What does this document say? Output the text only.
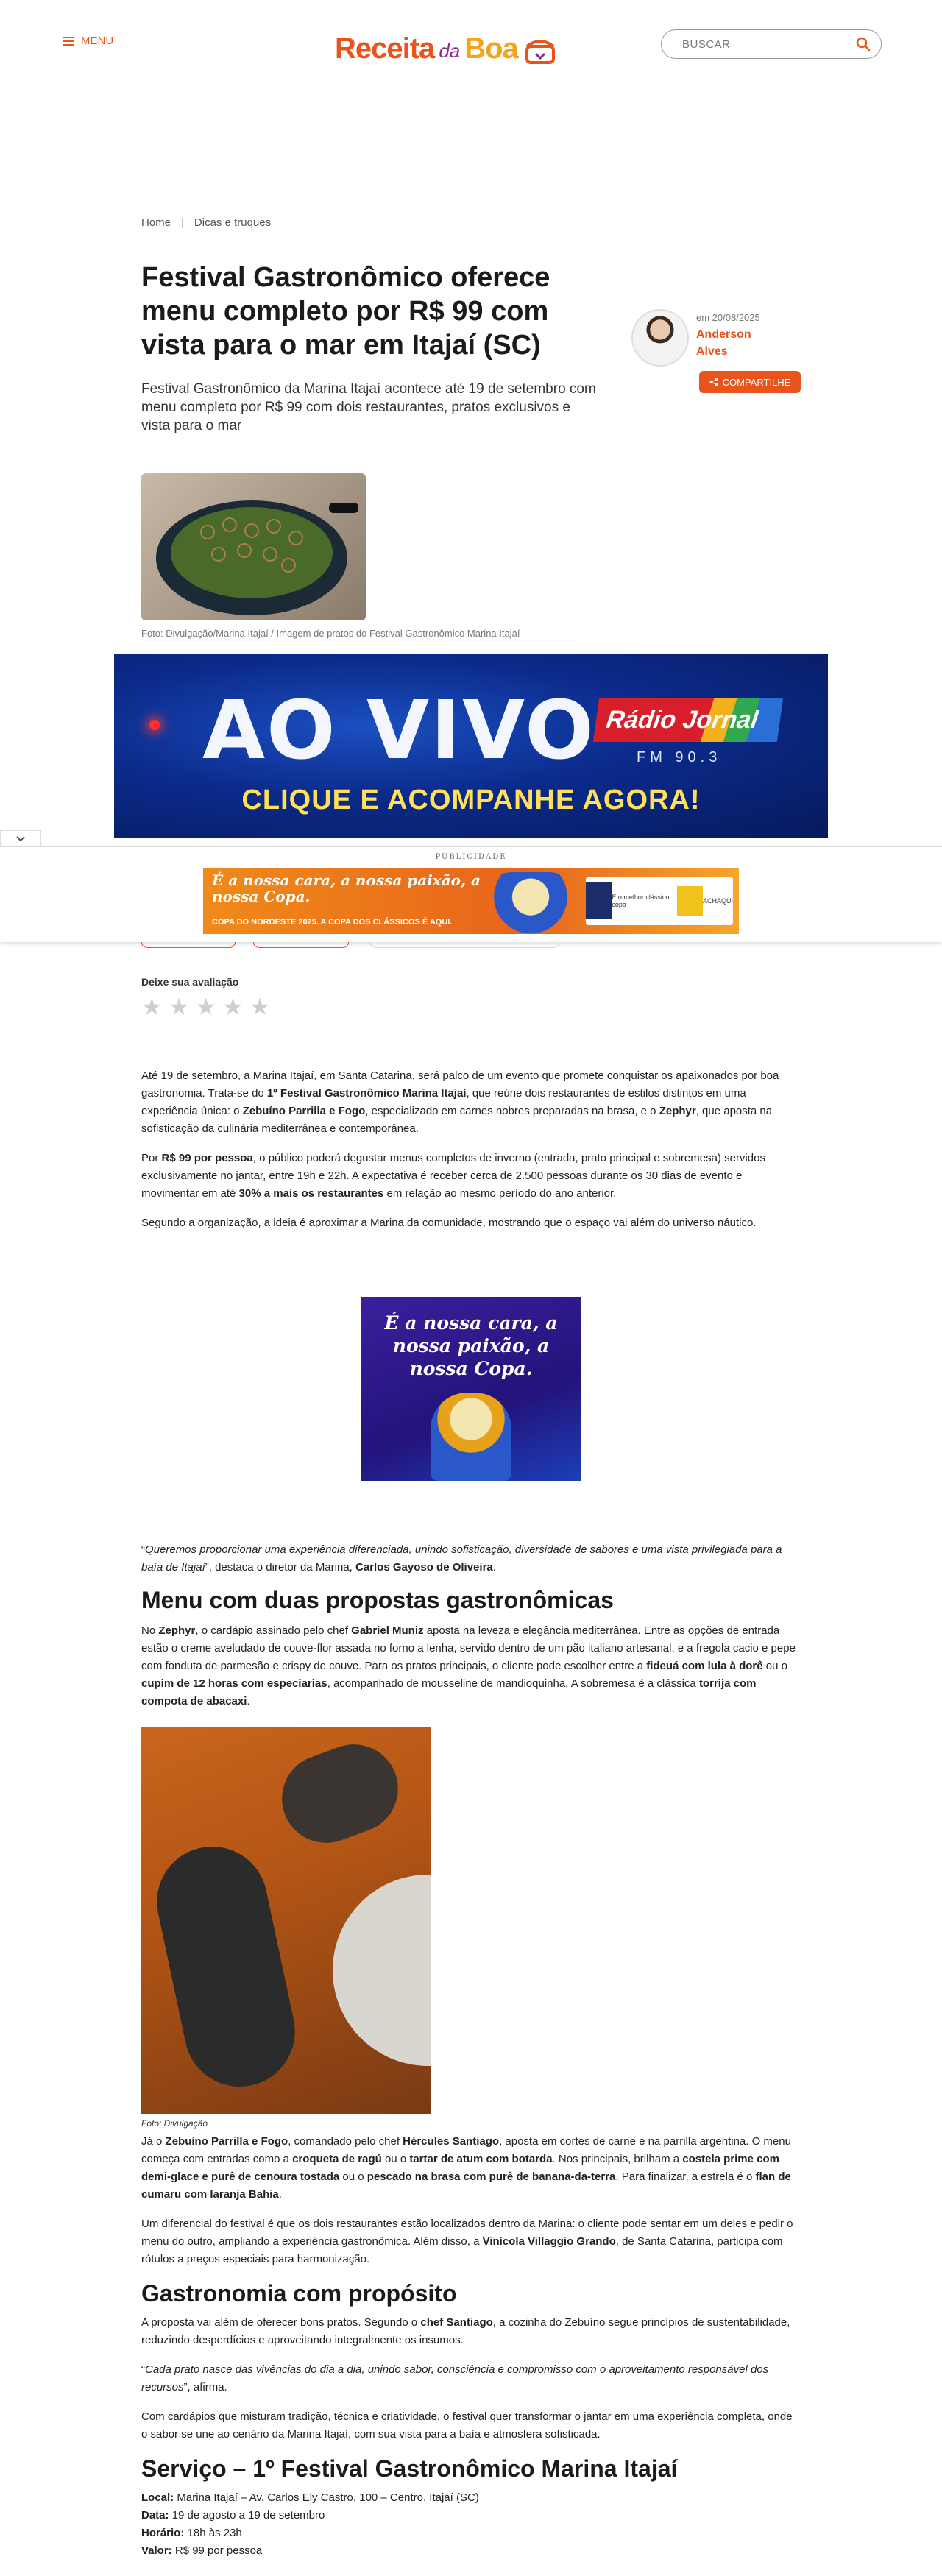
MENU	Receita da Boa	BUSCAR
Home | Dicas e truques
Festival Gastronômico oferece menu completo por R$ 99 com vista para o mar em Itajaí (SC)

Festival Gastronômico da Marina Itajaí acontece até 19 de setembro com menu completo por R$ 99 com dois restaurantes, pratos exclusivos e vista para o mar

em 20/08/2025
Anderson Alves
COMPARTILHE
Foto: Divulgação/Marina Itajaí / Imagem de pratos do Festival Gastronômico Marina Itajaí
AO VIVO Rádio Jornal
FM 90.3
CLIQUE E ACOMPANHE AGORA!
PUBLICIDADE
É a nossa cara, a nossa paixão, a nossa Copa.
COPA DO NORDESTE 2025. A COPA DOS CLÁSSICOS É AQUI.
É o melhor clássico copa	ACHAQUI
Deixe sua avaliação
★ ★ ★ ★ ★

Até 19 de setembro, a Marina Itajaí, em Santa Catarina, será palco de um evento que promete conquistar os apaixonados por boa gastronomia. Trata-se do 1º Festival Gastronômico Marina Itajaí, que reúne dois restaurantes de estilos distintos em uma experiência única: o Zebuíno Parrilla e Fogo, especializado em carnes nobres preparadas na brasa, e o Zephyr, que aposta na sofisticação da culinária mediterrânea e contemporânea.

Por R$ 99 por pessoa, o público poderá degustar menus completos de inverno (entrada, prato principal e sobremesa) servidos exclusivamente no jantar, entre 19h e 22h. A expectativa é receber cerca de 2.500 pessoas durante os 30 dias de evento e movimentar em até 30% a mais os restaurantes em relação ao mesmo período do ano anterior.

Segundo a organização, a ideia é aproximar a Marina da comunidade, mostrando que o espaço vai além do universo náutico.

É a nossa cara, a nossa paixão, a nossa Copa.

“Queremos proporcionar uma experiência diferenciada, unindo sofisticação, diversidade de sabores e uma vista privilegiada para a baía de Itajaí”, destaca o diretor da Marina, Carlos Gayoso de Oliveira.

Menu com duas propostas gastronômicas

No Zephyr, o cardápio assinado pelo chef Gabriel Muniz aposta na leveza e elegância mediterrânea. Entre as opções de entrada estão o creme aveludado de couve-flor assada no forno a lenha, servido dentro de um pão italiano artesanal, e a fregola cacio e pepe com fonduta de parmesão e crispy de couve. Para os pratos principais, o cliente pode escolher entre a fideuá com lula à dorê ou o cupim de 12 horas com especiarias, acompanhado de mousseline de mandioquinha. A sobremesa é a clássica torrija com compota de abacaxi.

Foto: Divulgação

Já o Zebuíno Parrilla e Fogo, comandado pelo chef Hércules Santiago, aposta em cortes de carne e na parrilla argentina. O menu começa com entradas como a croqueta de ragú ou o tartar de atum com botarda. Nos principais, brilham a costela prime com demi-glace e purê de cenoura tostada ou o pescado na brasa com purê de banana-da-terra. Para finalizar, a estrela é o flan de cumaru com laranja Bahia.

Um diferencial do festival é que os dois restaurantes estão localizados dentro da Marina: o cliente pode sentar em um deles e pedir o menu do outro, ampliando a experiência gastronômica. Além disso, a Vinícola Villaggio Grando, de Santa Catarina, participa com rótulos a preços especiais para harmonização.

Gastronomia com propósito

A proposta vai além de oferecer bons pratos. Segundo o chef Santiago, a cozinha do Zebuíno segue princípios de sustentabilidade, reduzindo desperdícios e aproveitando integralmente os insumos.

“Cada prato nasce das vivências do dia a dia, unindo sabor, consciência e compromisso com o aproveitamento responsável dos recursos”, afirma.

Com cardápios que misturam tradição, técnica e criatividade, o festival quer transformar o jantar em uma experiência completa, onde o sabor se une ao cenário da Marina Itajaí, com sua vista para a baía e atmosfera sofisticada.

Serviço – 1º Festival Gastronômico Marina Itajaí
Local: Marina Itajaí – Av. Carlos Ely Castro, 100 – Centro, Itajaí (SC)
Data: 19 de agosto a 19 de setembro
Horário: 18h às 23h
Valor: R$ 99 por pessoa
